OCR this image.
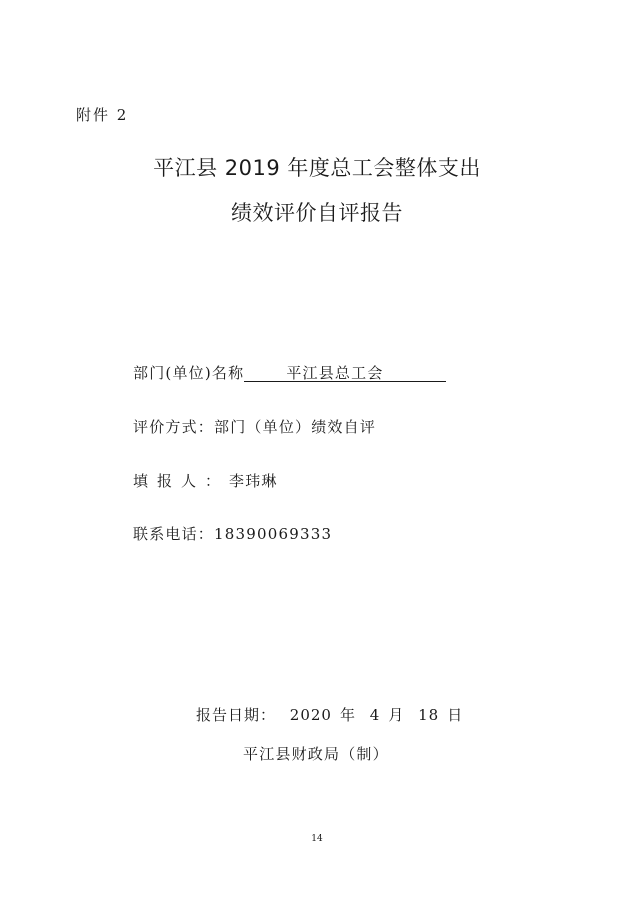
附件 2
平江县 2019 年度总工会整体支出
绩效评价自评报告
部门(单位)名称	平江县总工会
评价方式：部门（单位）绩效自评
填报人：李玮琳
联系电话：18390069333
报告日期： 2020 年 4 月 18 日
平江县财政局（制）
14
